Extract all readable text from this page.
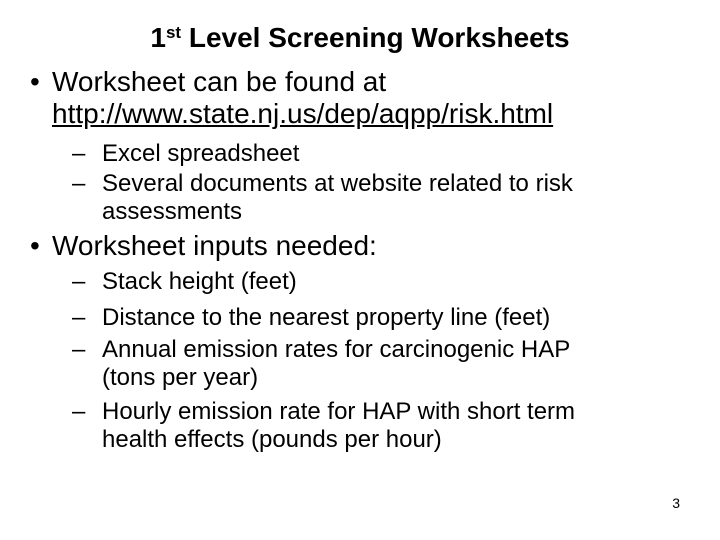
1st Level Screening Worksheets
• Worksheet can be found at
http://www.state.nj.us/dep/aqpp/risk.html
– Excel spreadsheet
– Several documents at website related to risk
assessments
• Worksheet inputs needed:
– Stack height (feet)
– Distance to the nearest property line (feet)
– Annual emission rates for carcinogenic HAP
(tons per year)
– Hourly emission rate for HAP with short term
health effects (pounds per hour)
3
